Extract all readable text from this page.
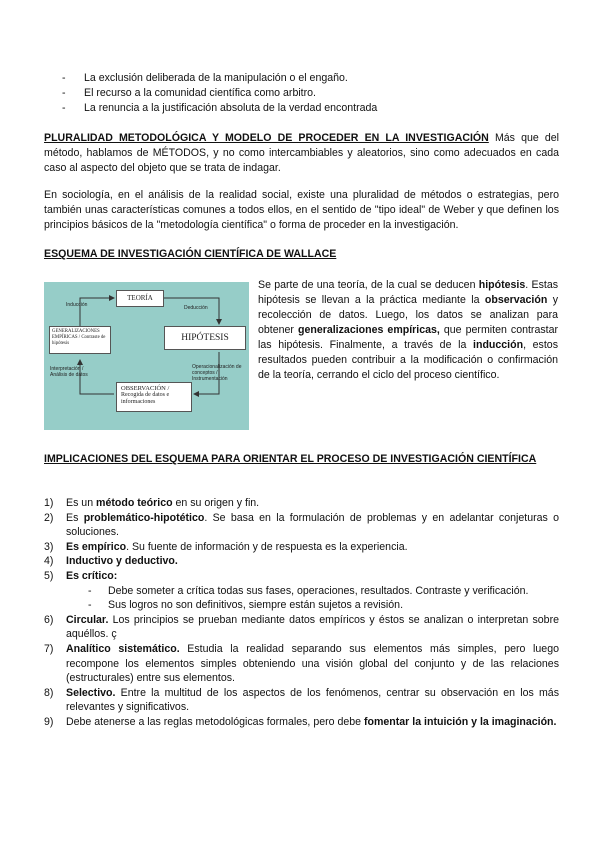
-	La exclusión deliberada de la manipulación o el engaño.
-	El recurso a la comunidad científica como arbitro.
-	La renuncia a la justificación absoluta de la verdad encontrada

PLURALIDAD METODOLÓGICA Y MODELO DE PROCEDER EN LA INVESTIGACIÓN Más que del método, hablamos de MÉTODOS, y no como intercambiables y aleatorios, sino como adecuados en cada caso al aspecto del objeto que se trata de indagar.

En sociología, en el análisis de la realidad social, existe una pluralidad de métodos o estrategias, pero también unas características comunes a todos ellos, en el sentido de "tipo ideal" de Weber y que definen los principios básicos de la "metodología científica" o forma de proceder en la investigación.

ESQUEMA DE INVESTIGACIÓN CIENTÍFICA DE WALLACE
TEORÍA
HIPÓTESIS
GENERALIZACIONES EMPÍRICAS / Contraste de hipótesis
OBSERVACIÓN /
Recogida de datos e informaciones
Inducción	Deducción
Interpretación / Análisis de datos
Operacionalización de conceptos / Instrumentación

Se parte de una teoría, de la cual se deducen hipótesis. Estas hipótesis se llevan a la práctica mediante la observación y recolección de datos. Luego, los datos se analizan para obtener generalizaciones empíricas, que permiten contrastar las hipótesis. Finalmente, a través de la inducción, estos resultados pueden contribuir a la modificación o confirmación de la teoría, cerrando el ciclo del proceso científico.

IMPLICACIONES DEL ESQUEMA PARA ORIENTAR EL PROCESO DE INVESTIGACIÓN CIENTÍFICA
1)	Es un método teórico en su origen y fin.
2)	Es problemático-hipotético. Se basa en la formulación de problemas y en adelantar conjeturas o soluciones.
3)	Es empírico. Su fuente de información y de respuesta es la experiencia.
4)	Inductivo y deductivo.
5)	Es crítico:
-	Debe someter a crítica todas sus fases, operaciones, resultados. Contraste y verificación.
-	Sus logros no son definitivos, siempre están sujetos a revisión.
6)	Circular. Los principios se prueban mediante datos empíricos y éstos se analizan o interpretan sobre aquéllos. ç
7)	Analítico sistemático. Estudia la realidad separando sus elementos más simples, pero luego recompone los elementos simples obteniendo una visión global del conjunto y de las relaciones (estructurales) entre sus elementos.
8)	Selectivo. Entre la multitud de los aspectos de los fenómenos, centrar su observación en los más relevantes y significativos.
9)	Debe atenerse a las reglas metodológicas formales, pero debe fomentar la intuición y la imaginación.
